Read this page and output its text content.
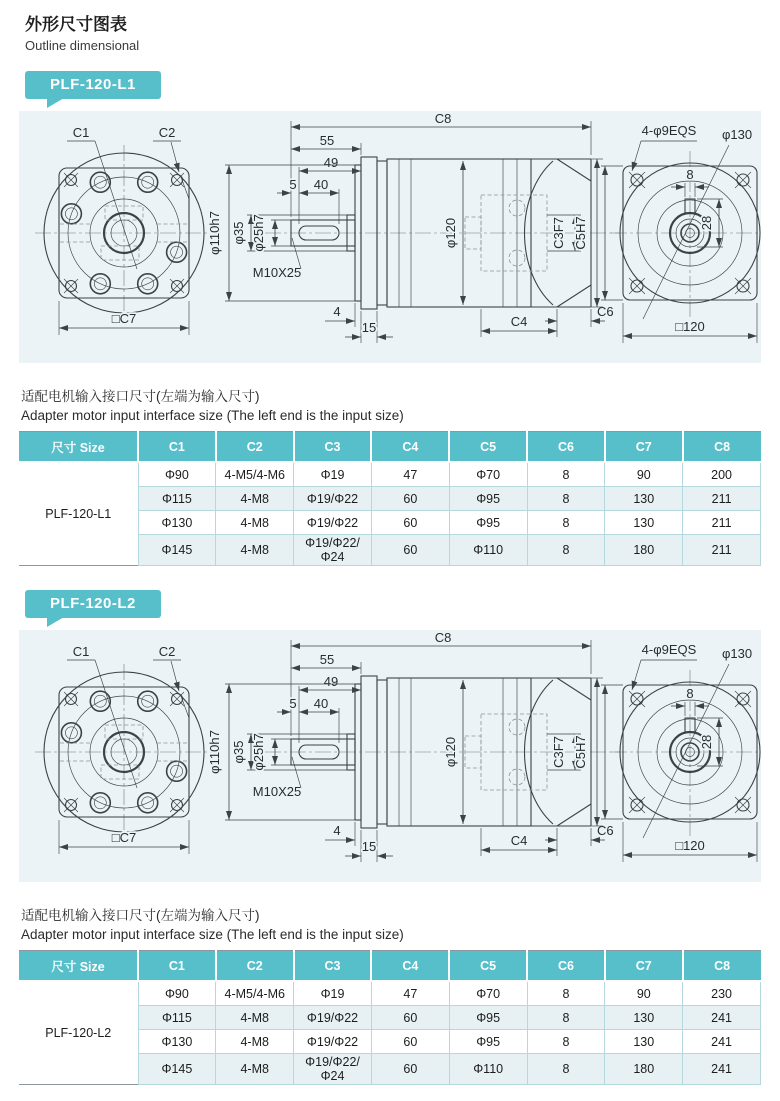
外形尺寸图表
Outline dimensional
PLF-120-L1
C1	C2
□C7
φ120
C8
55
49
5 40
φ35 φ25h7
φ110h7
M10X25
4
15	C4
C6
C3F7 C5H7
8
28
4-φ9EQS φ130
□120
适配电机输入接口尺寸(左端为输入尺寸)
Adapter motor input interface size (The left end is the input size)
尺寸 Size	C1	C2	C3	C4	C5	C6	C7	C8
PLF-120-L1	Φ90	4-M5/4-M6	Φ19	47	Φ70	8	90	200
	Φ115	4-M8	Φ19/Φ22	60	Φ95	8	130	211
	Φ130	4-M8	Φ19/Φ22	60	Φ95	8	130	211
	Φ145	4-M8	Φ19/Φ22/Φ24	60	Φ110	8	180	211
PLF-120-L2
C1	C2
□C7
φ120
C8
55
49
5 40
φ35 φ25h7
φ110h7
M10X25
4
15	C4
C6
C3F7 C5H7
8
28
4-φ9EQS φ130
□120
适配电机输入接口尺寸(左端为输入尺寸)
Adapter motor input interface size (The left end is the input size)
尺寸 Size	C1	C2	C3	C4	C5	C6	C7	C8
PLF-120-L2	Φ90	4-M5/4-M6	Φ19	47	Φ70	8	90	230
	Φ115	4-M8	Φ19/Φ22	60	Φ95	8	130	241
	Φ130	4-M8	Φ19/Φ22	60	Φ95	8	130	241
	Φ145	4-M8	Φ19/Φ22/Φ24	60	Φ110	8	180	241
